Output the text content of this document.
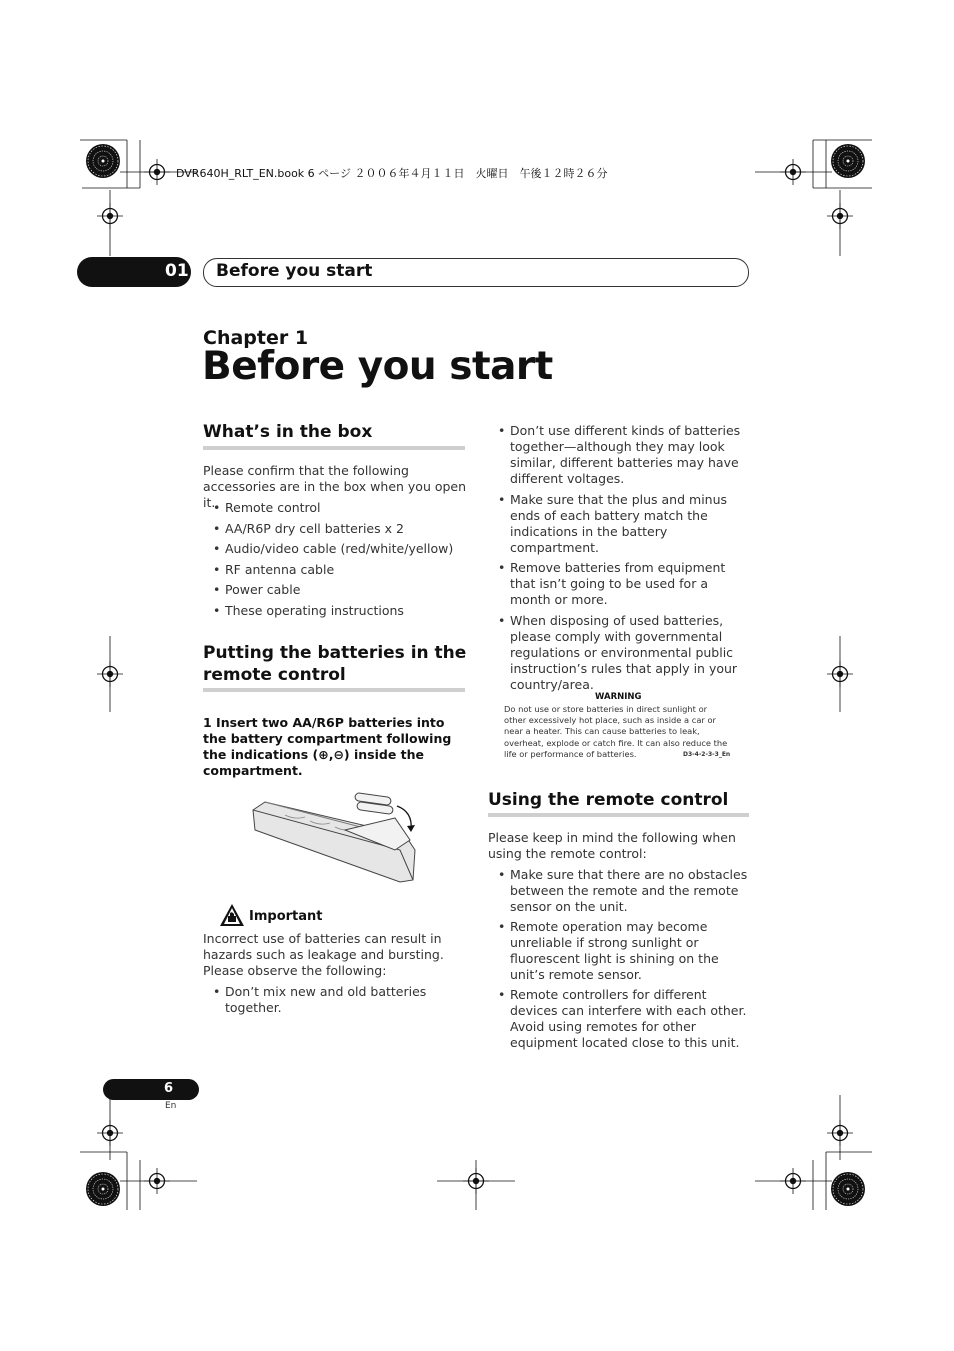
DVR640H_RLT_EN.book 6 ページ ２００６年４月１１日　火曜日　午後１２時２６分
01 Before you start
Chapter 1
Before you start
What’s in the box
Please confirm that the following accessories are in the box when you open it.
• Remote control
• AA/R6P dry cell batteries x 2
• Audio/video cable (red/white/yellow)
• RF antenna cable
• Power cable
• These operating instructions
Putting the batteries in the
remote control
1 Insert two AA/R6P batteries into the battery compartment following the indications (⊕,⊖) inside the compartment.
Important
Incorrect use of batteries can result in hazards such as leakage and bursting. Please observe the following:
• Don’t mix new and old batteries together.
• Don’t use different kinds of batteries together—although they may look similar, different batteries may have different voltages.
• Make sure that the plus and minus ends of each battery match the indications in the battery compartment.
• Remove batteries from equipment that isn’t going to be used for a month or more.
• When disposing of used batteries, please comply with governmental regulations or environmental public instruction’s rules that apply in your country/area.
WARNING
Do not use or store batteries in direct sunlight or other excessively hot place, such as inside a car or near a heater. This can cause batteries to leak, overheat, explode or catch fire. It can also reduce the life or performance of batteries.	D3-4-2-3-3_En
Using the remote control
Please keep in mind the following when using the remote control:
• Make sure that there are no obstacles between the remote and the remote sensor on the unit.
• Remote operation may become unreliable if strong sunlight or fluorescent light is shining on the unit’s remote sensor.
• Remote controllers for different devices can interfere with each other. Avoid using remotes for other equipment located close to this unit.
6
En
